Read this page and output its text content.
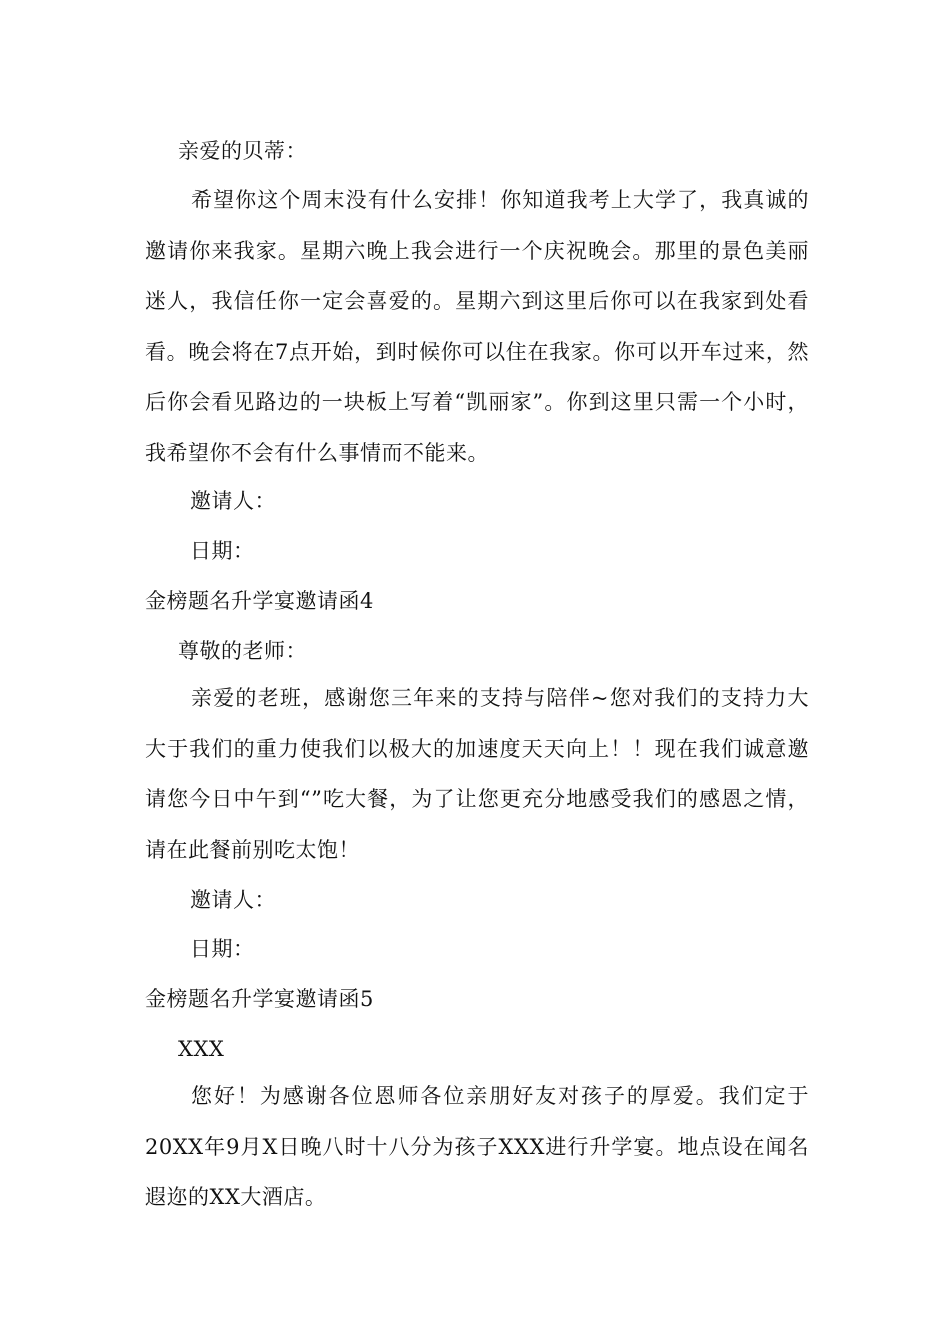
亲爱的贝蒂：

希望你这个周末没有什么安排！你知道我考上大学了，我真诚的邀请你来我家。星期六晚上我会进行一个庆祝晚会。那里的景色美丽迷人，我信任你一定会喜爱的。星期六到这里后你可以在我家到处看看。晚会将在7点开始，到时候你可以住在我家。你可以开车过来，然后你会看见路边的一块板上写着“凯丽家”。你到这里只需一个小时，我希望你不会有什么事情而不能来。

邀请人：
日期：
金榜题名升学宴邀请函4
尊敬的老师：

亲爱的老班，感谢您三年来的支持与陪伴~您对我们的支持力大大于我们的重力使我们以极大的加速度天天向上！！现在我们诚意邀请您今日中午到“”吃大餐，为了让您更充分地感受我们的感恩之情，请在此餐前别吃太饱！

邀请人：
日期：
金榜题名升学宴邀请函5
XXX

您好！为感谢各位恩师各位亲朋好友对孩子的厚爱。我们定于20XX年9月X日晚八时十八分为孩子XXX进行升学宴。地点设在闻名遐迩的XX大酒店。
